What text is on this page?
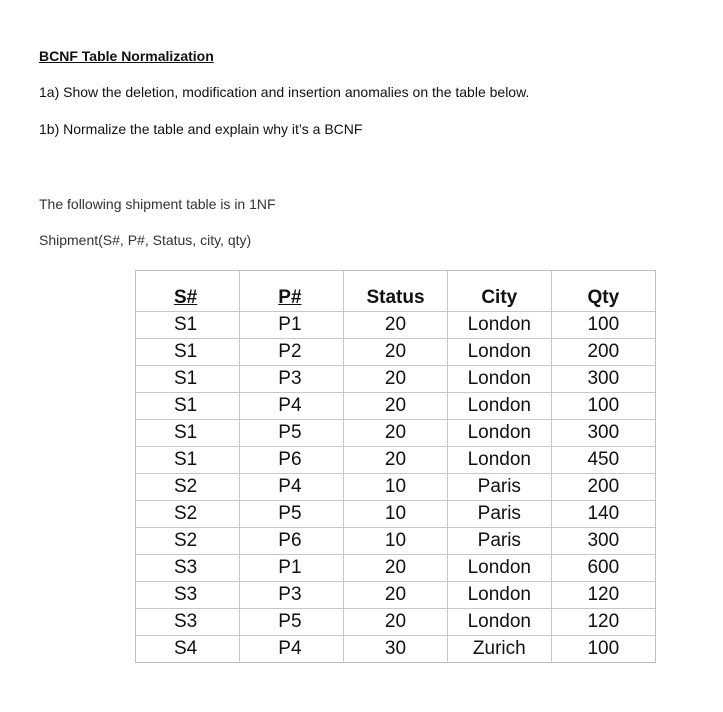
BCNF Table Normalization
1a) Show the deletion, modification and insertion anomalies on the table below.
1b) Normalize the table and explain why it’s a BCNF
The following shipment table is in 1NF
Shipment(S#, P#, Status, city, qty)
S#	P#	Status	City	Qty
S1	P1	20	London	100
S1	P2	20	London	200
S1	P3	20	London	300
S1	P4	20	London	100
S1	P5	20	London	300
S1	P6	20	London	450
S2	P4	10	Paris	200
S2	P5	10	Paris	140
S2	P6	10	Paris	300
S3	P1	20	London	600
S3	P3	20	London	120
S3	P5	20	London	120
S4	P4	30	Zurich	100
